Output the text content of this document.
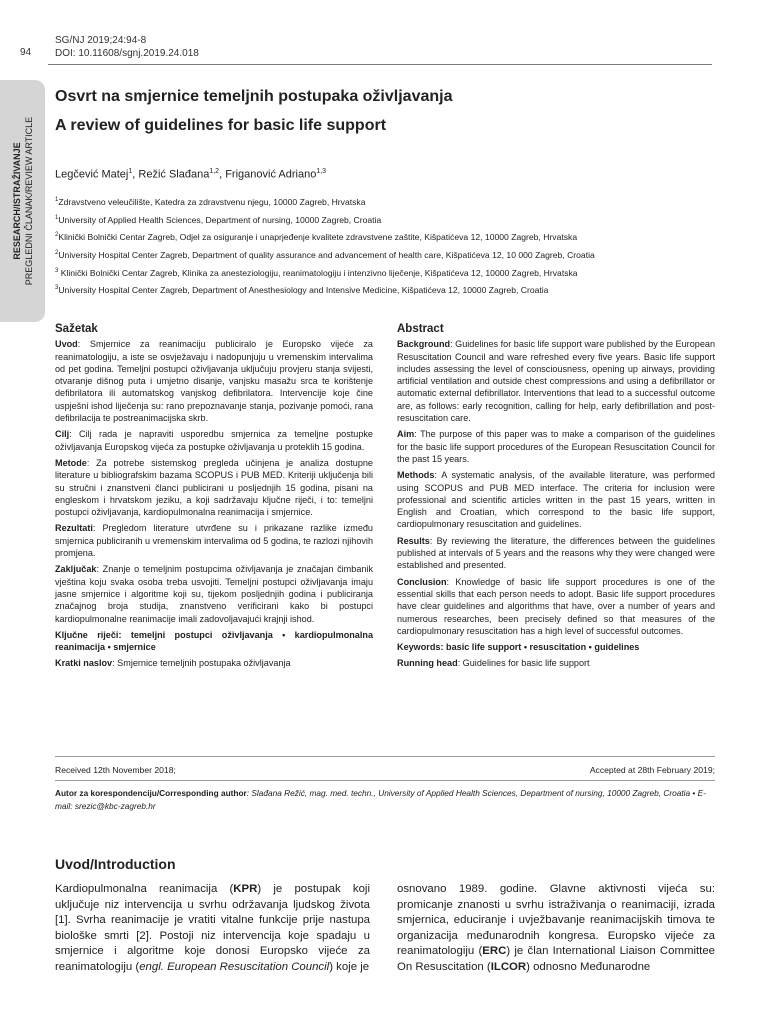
94
SG/NJ 2019;24:94-8
DOI: 10.11608/sgnj.2019.24.018
RESEARCH/ISTRAŽIVANJE PREGLEDNI ČLANAK/REVIEW ARTICLE
Osvrt na smjernice temeljnih postupaka oživljavanja
A review of guidelines for basic life support
Legčević Matej$^1$, Režić Slađana$^{1,2}$, Friganović Adriano$^{1,3}$
$^1$Zdravstveno veleučilište, Katedra za zdravstvenu njegu, 10000 Zagreb, Hrvatska
$^1$University of Applied Health Sciences, Department of nursing, 10000 Zagreb, Croatia
$^2$Klinički Bolnički Centar Zagreb, Odjel za osiguranje i unaprjeđenje kvalitete zdravstvene zaštite, Kišpatićeva 12, 10000 Zagreb, Hrvatska
$^2$University Hospital Center Zagreb, Department of quality assurance and advancement of health care, Kišpatićeva 12, 10 000 Zagreb, Croatia
$^3$ Klinički Bolnički Centar Zagreb, Klinika za anesteziologiju, reanimatologiju i intenzivno liječenje, Kišpatićeva 12, 10000 Zagreb, Hrvatska
$^3$University Hospital Center Zagreb, Department of Anesthesiology and Intensive Medicine, Kišpatićeva 12, 10000 Zagreb, Croatia

Sažetak

Uvod: Smjernice za reanimaciju publiciralo je Europsko vijeće za reanimatologiju, a iste se osvježavaju i nadopunjuju u vremenskim intervalima od pet godina. Temeljni postupci oživljavanja uključuju provjeru stanja svijesti, otvaranje dišnog puta i umjetno disanje, vanjsku masažu srca te korištenje defibrilatora ili automatskog vanjskog defibrilatora. Intervencije koje čine uspješni ishod liječenja su: rano prepoznavanje stanja, pozivanje pomoći, rana defibrilacija te postreanimacijska skrb.

Cilj: Cilj rada je napraviti usporedbu smjernica za temeljne postupke oživljavanja Europskog vijeća za postupke oživljavanja u proteklih 15 godina.

Metode: Za potrebe sistemskog pregleda učinjena je analiza dostupne literature u bibliografskim bazama SCOPUS i PUB MED. Kriteriji uključenja bili su stručni i znanstveni članci publicirani u posljednjih 15 godina, pisani na engleskom i hrvatskom jeziku, a koji sadržavaju ključne riječi, i to: temeljni postupci oživljavanja, kardiopulmonalna reanimacija i smjernice.

Rezultati: Pregledom literature utvrđene su i prikazane razlike između smjernica publiciranih u vremenskim intervalima od 5 godina, te razlozi njihovih promjena.

Zaključak: Znanje o temeljnim postupcima oživljavanja je značajan čimbanik vještina koju svaka osoba treba usvojiti. Temeljni postupci oživljavanja imaju jasne smjernice i algoritme koji su, tijekom posljednjih godina i publiciranja značajnog broja studija, znanstveno verificirani kako bi postupci kardiopulmonalne reanimacije imali zadovoljavajući krajnji ishod.

Ključne riječi: temeljni postupci oživljavanja • kardiopulmonalna reanimacija • smjernice

Kratki naslov: Smjernice temeljnih postupaka oživljavanja

Abstract

Background: Guidelines for basic life support ware published by the European Resuscitation Council and ware refreshed every five years. Basic life support includes assessing the level of consciousness, opening up airways, providing artificial ventilation and outside chest compressions and using a defibrillator or automatic external defibrillator. Interventions that lead to a successful outcome are, as follows: early recognition, calling for help, early defibrillation and post-resuscitation care.

Aim: The purpose of this paper was to make a comparison of the guidelines for the basic life support procedures of the European Resuscitation Council for the past 15 years.

Methods: A systematic analysis, of the available literature, was performed using SCOPUS and PUB MED interface. The criteria for inclusion were professional and scientific articles written in the past 15 years, written in English and Croatian, which correspond to the basic life support, cardiopulmonary resuscitation and guidelines.

Results: By reviewing the literature, the differences between the guidelines published at intervals of 5 years and the reasons why they were changed were established and presented.

Conclusion: Knowledge of basic life support procedures is one of the essential skills that each person needs to adopt. Basic life support procedures have clear guidelines and algorithms that have, over a number of years and numerous researches, been precisely defined so that measures of the cardiopulmonary resuscitation has a high level of successful outcomes.

Keywords: basic life support • resuscitation • guidelines

Running head: Guidelines for basic life support

Received 12th November 2018;	Accepted at 28th February 2019;
Autor za korespondenciju/Corresponding author: Slađana Režić, mag. med. techn., University of Applied Health Sciences, Department of nursing, 10000 Zagreb, Croatia • E-mail: srezic@kbc-zagreb.hr
Uvod/Introduction
Kardiopulmonalna reanimacija (KPR) je postupak koji uključuje niz intervencija u svrhu održavanja ljudskog života [1]. Svrha reanimacije je vratiti vitalne funkcije prije nastupa biološke smrti [2]. Postoji niz intervencija koje spadaju u smjernice i algoritme koje donosi Europsko vijeće za reanimatologiju (engl. European Resuscitation Council) koje je
osnovano 1989. godine. Glavne aktivnosti vijeća su: promicanje znanosti u svrhu istraživanja o reanimaciji, izrada smjernica, educiranje i uvježbavanje reanimacijskih timova te organizacija međunarodnih kongresa. Europsko vijeće za reanimatologiju (ERC) je član International Liaison Committee On Resuscitation (ILCOR) odnosno Međunarodne
